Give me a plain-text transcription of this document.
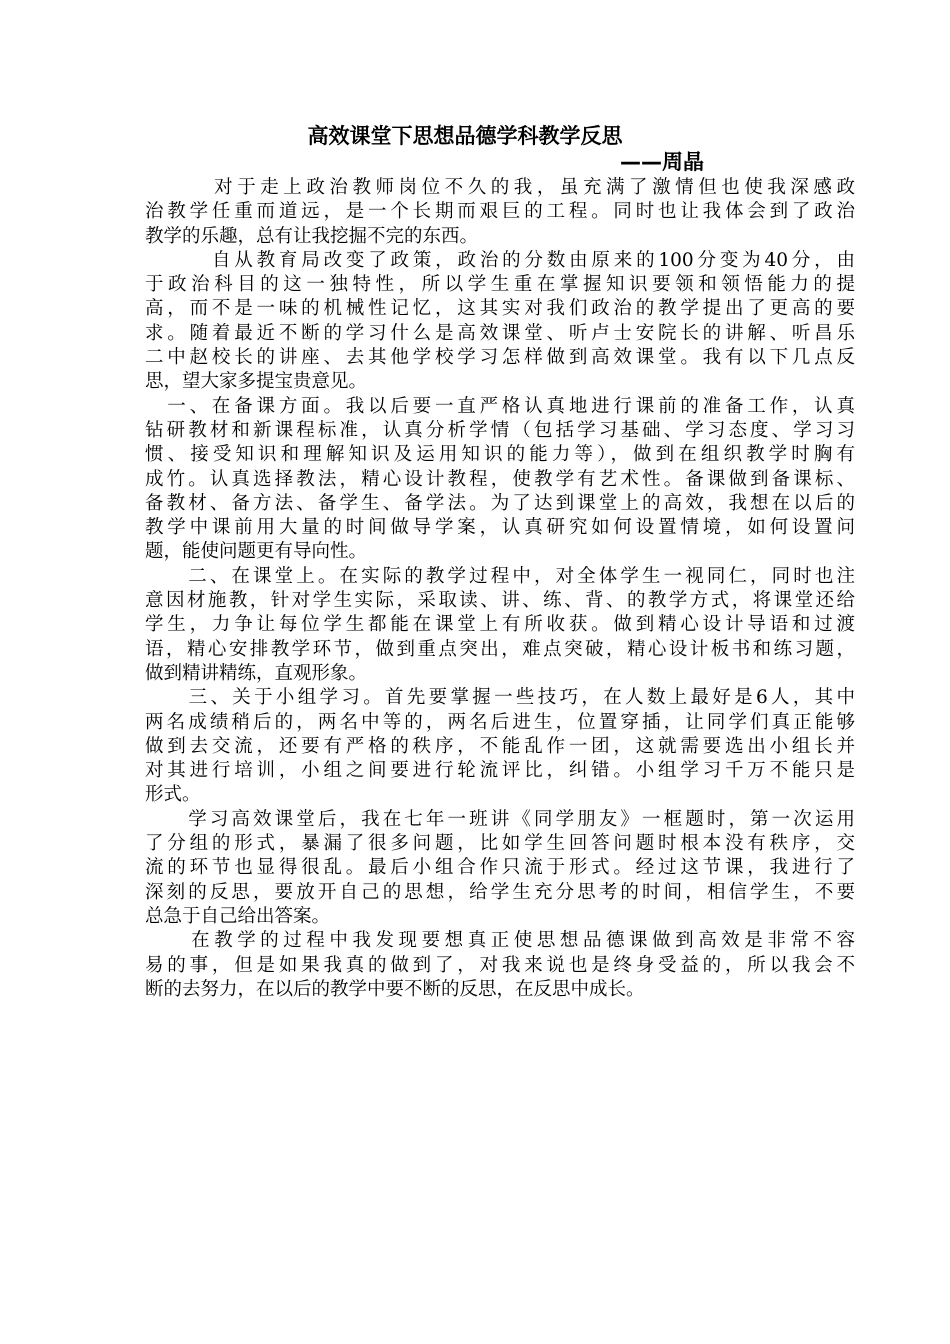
高效课堂下思想品德学科教学反思
——周晶
　　　对于走上政治教师岗位不久的我，虽充满了激情但也使我深感政
治教学任重而道远，是一个长期而艰巨的工程。同时也让我体会到了政治
教学的乐趣，总有让我挖掘不完的东西。
　　　自从教育局改变了政策，政治的分数由原来的100分变为40分，由
于政治科目的这一独特性，所以学生重在掌握知识要领和领悟能力的提
高，而不是一味的机械性记忆，这其实对我们政治的教学提出了更高的要
求。随着最近不断的学习什么是高效课堂、听卢士安院长的讲解、听昌乐
二中赵校长的讲座、去其他学校学习怎样做到高效课堂。我有以下几点反
思，望大家多提宝贵意见。
　一、在备课方面。我以后要一直严格认真地进行课前的准备工作，认真
钻研教材和新课程标准，认真分析学情（包括学习基础、学习态度、学习习
惯、接受知识和理解知识及运用知识的能力等），做到在组织教学时胸有
成竹。认真选择教法，精心设计教程，使教学有艺术性。备课做到备课标、
备教材、备方法、备学生、备学法。为了达到课堂上的高效，我想在以后的
教学中课前用大量的时间做导学案，认真研究如何设置情境，如何设置问
题，能使问题更有导向性。
　　二、在课堂上。在实际的教学过程中，对全体学生一视同仁，同时也注
意因材施教，针对学生实际，采取读、讲、练、背、的教学方式，将课堂还给
学生，力争让每位学生都能在课堂上有所收获。做到精心设计导语和过渡
语，精心安排教学环节，做到重点突出，难点突破，精心设计板书和练习题，
做到精讲精练，直观形象。
　　三、关于小组学习。首先要掌握一些技巧，在人数上最好是6人，其中
两名成绩稍后的，两名中等的，两名后进生，位置穿插，让同学们真正能够
做到去交流，还要有严格的秩序，不能乱作一团，这就需要选出小组长并
对其进行培训，小组之间要进行轮流评比，纠错。小组学习千万不能只是
形式。
　　学习高效课堂后，我在七年一班讲《同学朋友》一框题时，第一次运用
了分组的形式，暴漏了很多问题，比如学生回答问题时根本没有秩序，交
流的环节也显得很乱。最后小组合作只流于形式。经过这节课，我进行了
深刻的反思，要放开自己的思想，给学生充分思考的时间，相信学生，不要
总急于自己给出答案。
　　在教学的过程中我发现要想真正使思想品德课做到高效是非常不容
易的事，但是如果我真的做到了，对我来说也是终身受益的，所以我会不
断的去努力，在以后的教学中要不断的反思，在反思中成长。
